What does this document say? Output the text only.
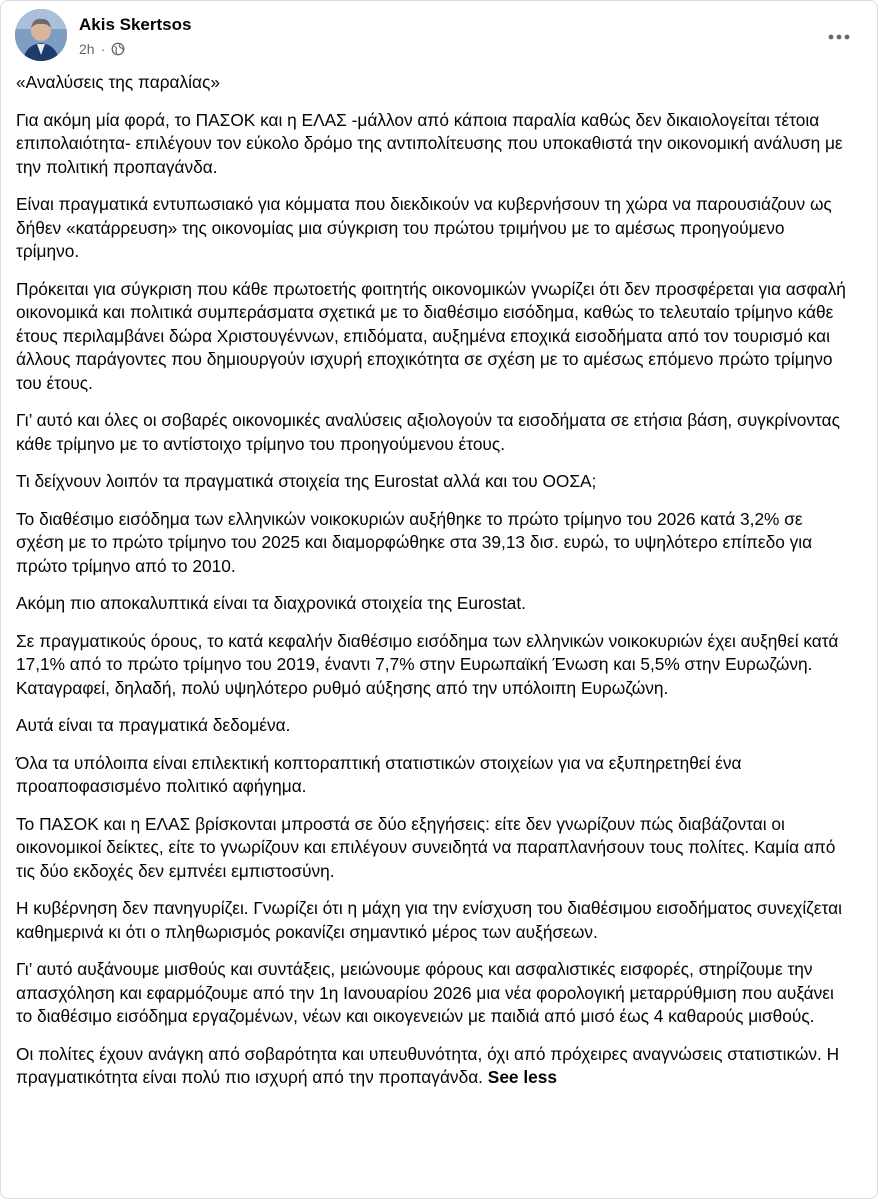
Akis Skertsos
2h ·

«Αναλύσεις της παραλίας»

Για ακόμη μία φορά, το ΠΑΣΟΚ και η ΕΛΑΣ -μάλλον από κάποια παραλία καθώς δεν δικαιολογείται τέτοια επιπολαιότητα- επιλέγουν τον εύκολο δρόμο της αντιπολίτευσης που υποκαθιστά την οικονομική ανάλυση με την πολιτική προπαγάνδα.

Είναι πραγματικά εντυπωσιακό για κόμματα που διεκδικούν να κυβερνήσουν τη χώρα να παρουσιάζουν ως δήθεν «κατάρρευση» της οικονομίας μια σύγκριση του πρώτου τριμήνου με το αμέσως προηγούμενο τρίμηνο.

Πρόκειται για σύγκριση που κάθε πρωτοετής φοιτητής οικονομικών γνωρίζει ότι δεν προσφέρεται για ασφαλή οικονομικά και πολιτικά συμπεράσματα σχετικά με το διαθέσιμο εισόδημα, καθώς το τελευταίο τρίμηνο κάθε έτους περιλαμβάνει δώρα Χριστουγέννων, επιδόματα, αυξημένα εποχικά εισοδήματα από τον τουρισμό και άλλους παράγοντες που δημιουργούν ισχυρή εποχικότητα σε σχέση με το αμέσως επόμενο πρώτο τρίμηνο του έτους.

Γι’ αυτό και όλες οι σοβαρές οικονομικές αναλύσεις αξιολογούν τα εισοδήματα σε ετήσια βάση, συγκρίνοντας κάθε τρίμηνο με το αντίστοιχο τρίμηνο του προηγούμενου έτους.

Τι δείχνουν λοιπόν τα πραγματικά στοιχεία της Eurostat αλλά και του ΟΟΣΑ;

Το διαθέσιμο εισόδημα των ελληνικών νοικοκυριών αυξήθηκε το πρώτο τρίμηνο του 2026 κατά 3,2% σε σχέση με το πρώτο τρίμηνο του 2025 και διαμορφώθηκε στα 39,13 δισ. ευρώ, το υψηλότερο επίπεδο για πρώτο τρίμηνο από το 2010.

Ακόμη πιο αποκαλυπτικά είναι τα διαχρονικά στοιχεία της Eurostat.

Σε πραγματικούς όρους, το κατά κεφαλήν διαθέσιμο εισόδημα των ελληνικών νοικοκυριών έχει αυξηθεί κατά 17,1% από το πρώτο τρίμηνο του 2019, έναντι 7,7% στην Ευρωπαϊκή Ένωση και 5,5% στην Ευρωζώνη. Καταγραφεί, δηλαδή, πολύ υψηλότερο ρυθμό αύξησης από την υπόλοιπη Ευρωζώνη.

Αυτά είναι τα πραγματικά δεδομένα.

Όλα τα υπόλοιπα είναι επιλεκτική κοπτοραπτική στατιστικών στοιχείων για να εξυπηρετηθεί ένα προαποφασισμένο πολιτικό αφήγημα.

Το ΠΑΣΟΚ και η ΕΛΑΣ βρίσκονται μπροστά σε δύο εξηγήσεις: είτε δεν γνωρίζουν πώς διαβάζονται οι οικονομικοί δείκτες, είτε το γνωρίζουν και επιλέγουν συνειδητά να παραπλανήσουν τους πολίτες. Καμία από τις δύο εκδοχές δεν εμπνέει εμπιστοσύνη.

Η κυβέρνηση δεν πανηγυρίζει. Γνωρίζει ότι η μάχη για την ενίσχυση του διαθέσιμου εισοδήματος συνεχίζεται καθημερινά κι ότι ο πληθωρισμός ροκανίζει σημαντικό μέρος των αυξήσεων.

Γι’ αυτό αυξάνουμε μισθούς και συντάξεις, μειώνουμε φόρους και ασφαλιστικές εισφορές, στηρίζουμε την απασχόληση και εφαρμόζουμε από την 1η Ιανουαρίου 2026 μια νέα φορολογική μεταρρύθμιση που αυξάνει το διαθέσιμο εισόδημα εργαζομένων, νέων και οικογενειών με παιδιά από μισό έως 4 καθαρούς μισθούς.

Οι πολίτες έχουν ανάγκη από σοβαρότητα και υπευθυνότητα, όχι από πρόχειρες αναγνώσεις στατιστικών. Η πραγματικότητα είναι πολύ πιο ισχυρή από την προπαγάνδα. See less
